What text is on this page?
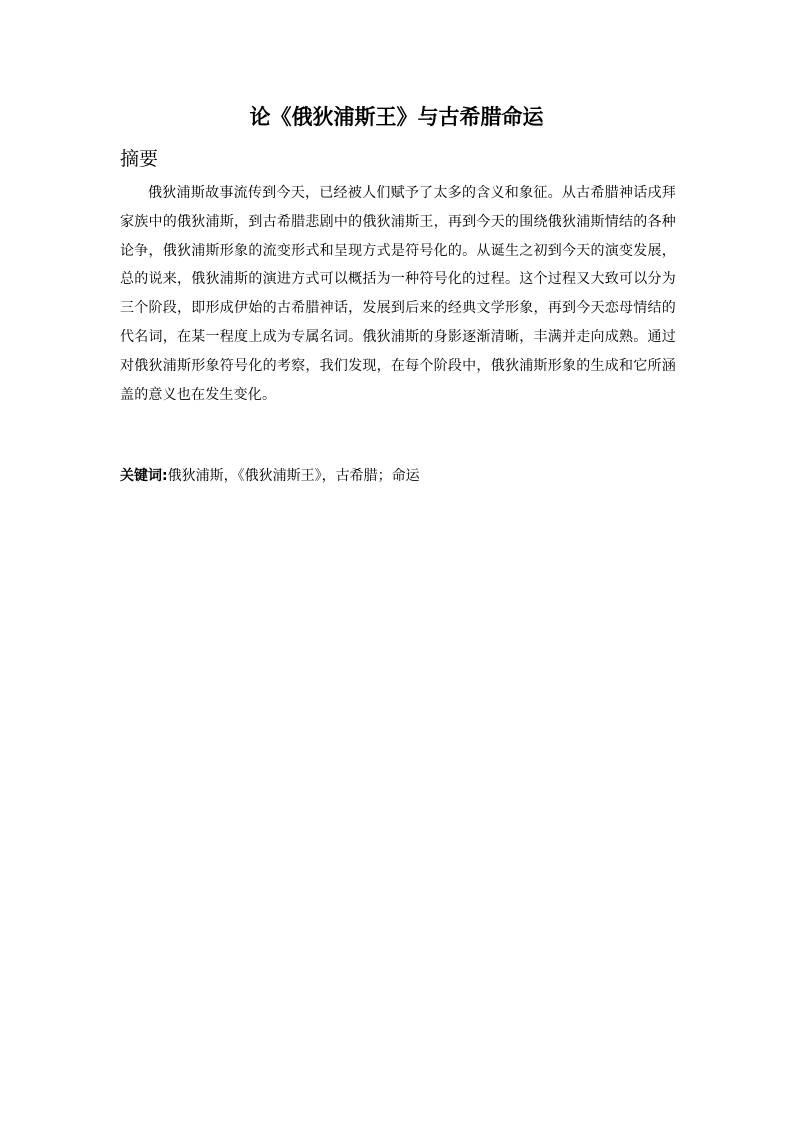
论《俄狄浦斯王》与古希腊命运
摘要

俄狄浦斯故事流传到今天，已经被人们赋予了太多的含义和象征。从古希腊神话戌拜家族中的俄狄浦斯，到古希腊悲剧中的俄狄浦斯王，再到今天的围绕俄狄浦斯情结的各种论争，俄狄浦斯形象的流变形式和呈现方式是符号化的。从诞生之初到今天的演变发展，总的说来，俄狄浦斯的演进方式可以概括为一种符号化的过程。这个过程又大致可以分为三个阶段，即形成伊始的古希腊神话，发展到后来的经典文学形象，再到今天恋母情结的代名词，在某一程度上成为专属名词。俄狄浦斯的身影逐渐清晰，丰满并走向成熟。通过对俄狄浦斯形象符号化的考察，我们发现，在每个阶段中，俄狄浦斯形象的生成和它所涵盖的意义也在发生变化。

关键词:俄狄浦斯，《俄狄浦斯王》，古希腊；命运
